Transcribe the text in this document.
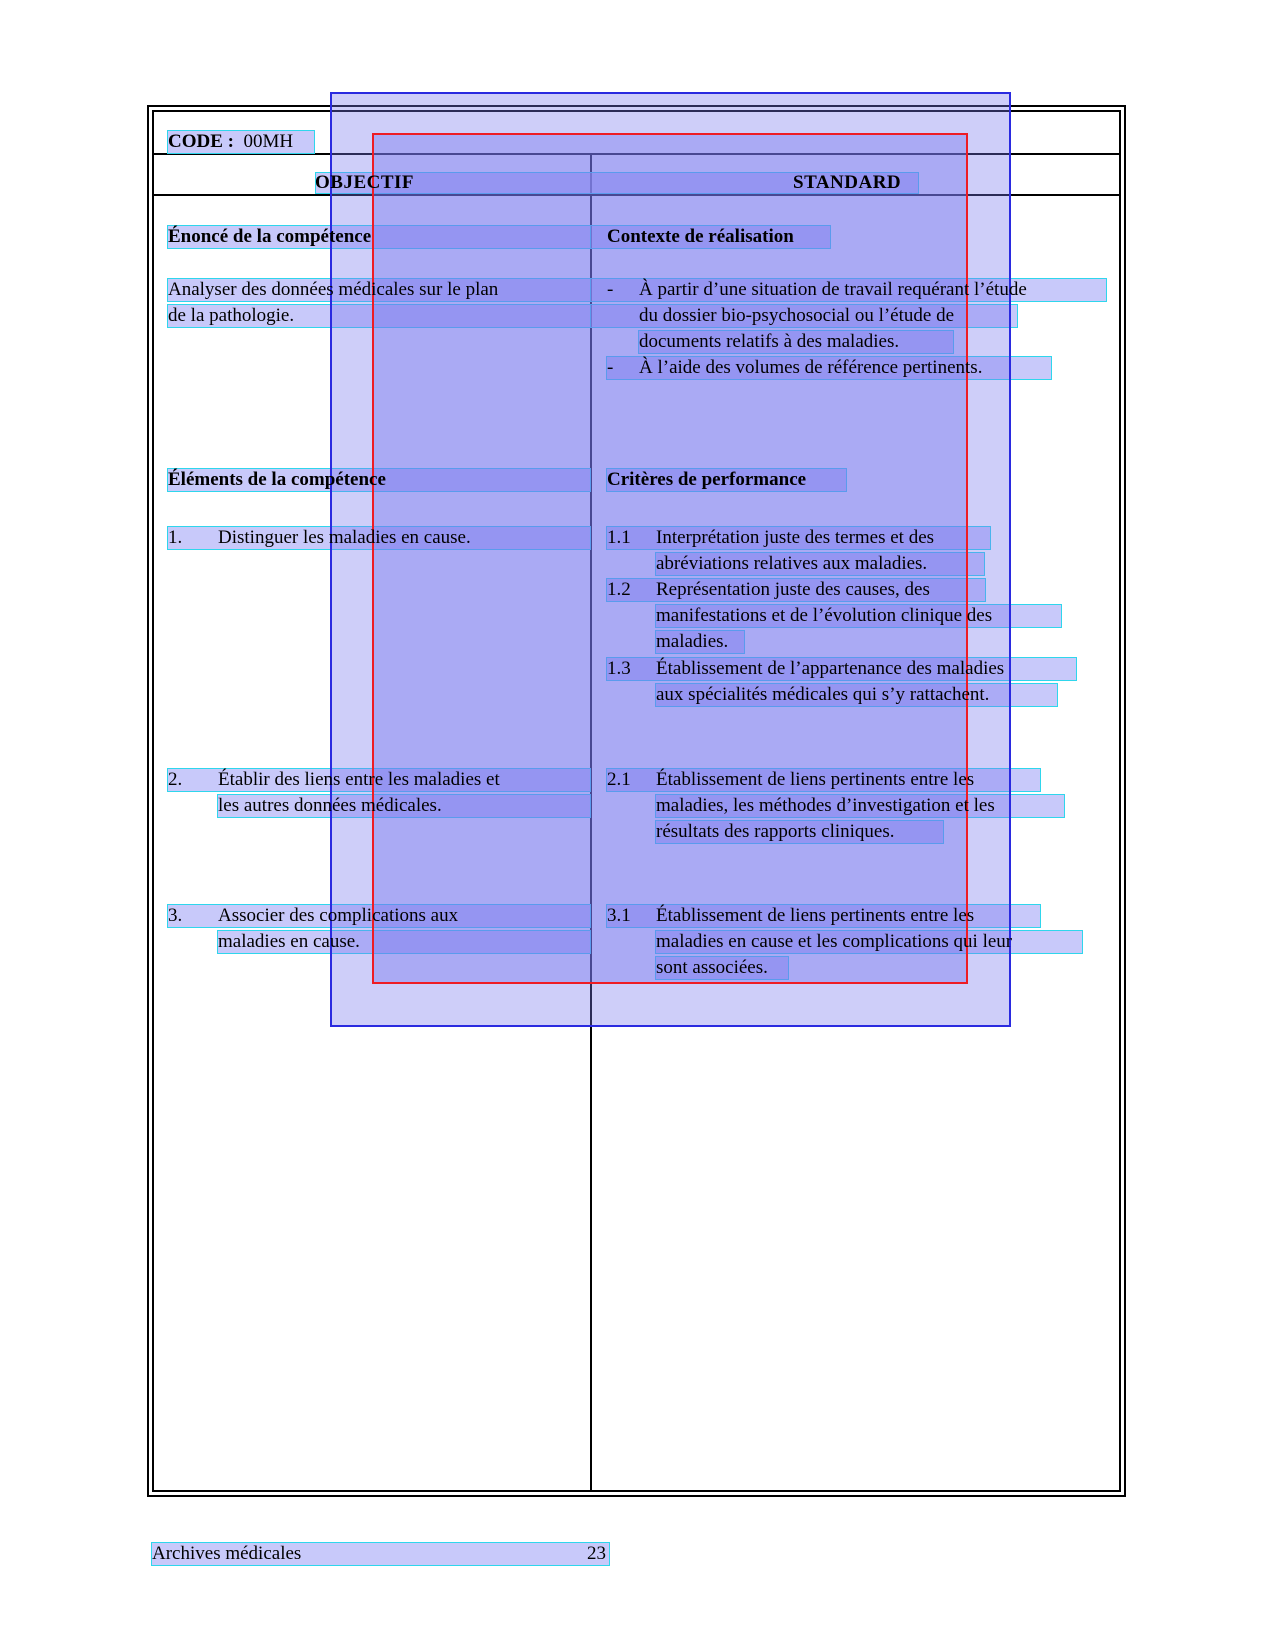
CODE : 00MH
OBJECTIF	STANDARD
Énoncé de la compétence
Analyser des données médicales sur le plan
de la pathologie.
Éléments de la compétence
1. Distinguer les maladies en cause.
2. Établir des liens entre les maladies et
les autres données médicales.
3. Associer des complications aux
maladies en cause.
Contexte de réalisation
- À partir d’une situation de travail requérant l’étude
du dossier bio-psychosocial ou l’étude de
documents relatifs à des maladies.
- À l’aide des volumes de référence pertinents.
Critères de performance
1.1 Interprétation juste des termes et des
abréviations relatives aux maladies.
1.2 Représentation juste des causes, des
manifestations et de l’évolution clinique des
maladies.
1.3 Établissement de l’appartenance des maladies
aux spécialités médicales qui s’y rattachent.
2.1 Établissement de liens pertinents entre les
maladies, les méthodes d’investigation et les
résultats des rapports cliniques.
3.1 Établissement de liens pertinents entre les
maladies en cause et les complications qui leur
sont associées.
Archives médicales	23
